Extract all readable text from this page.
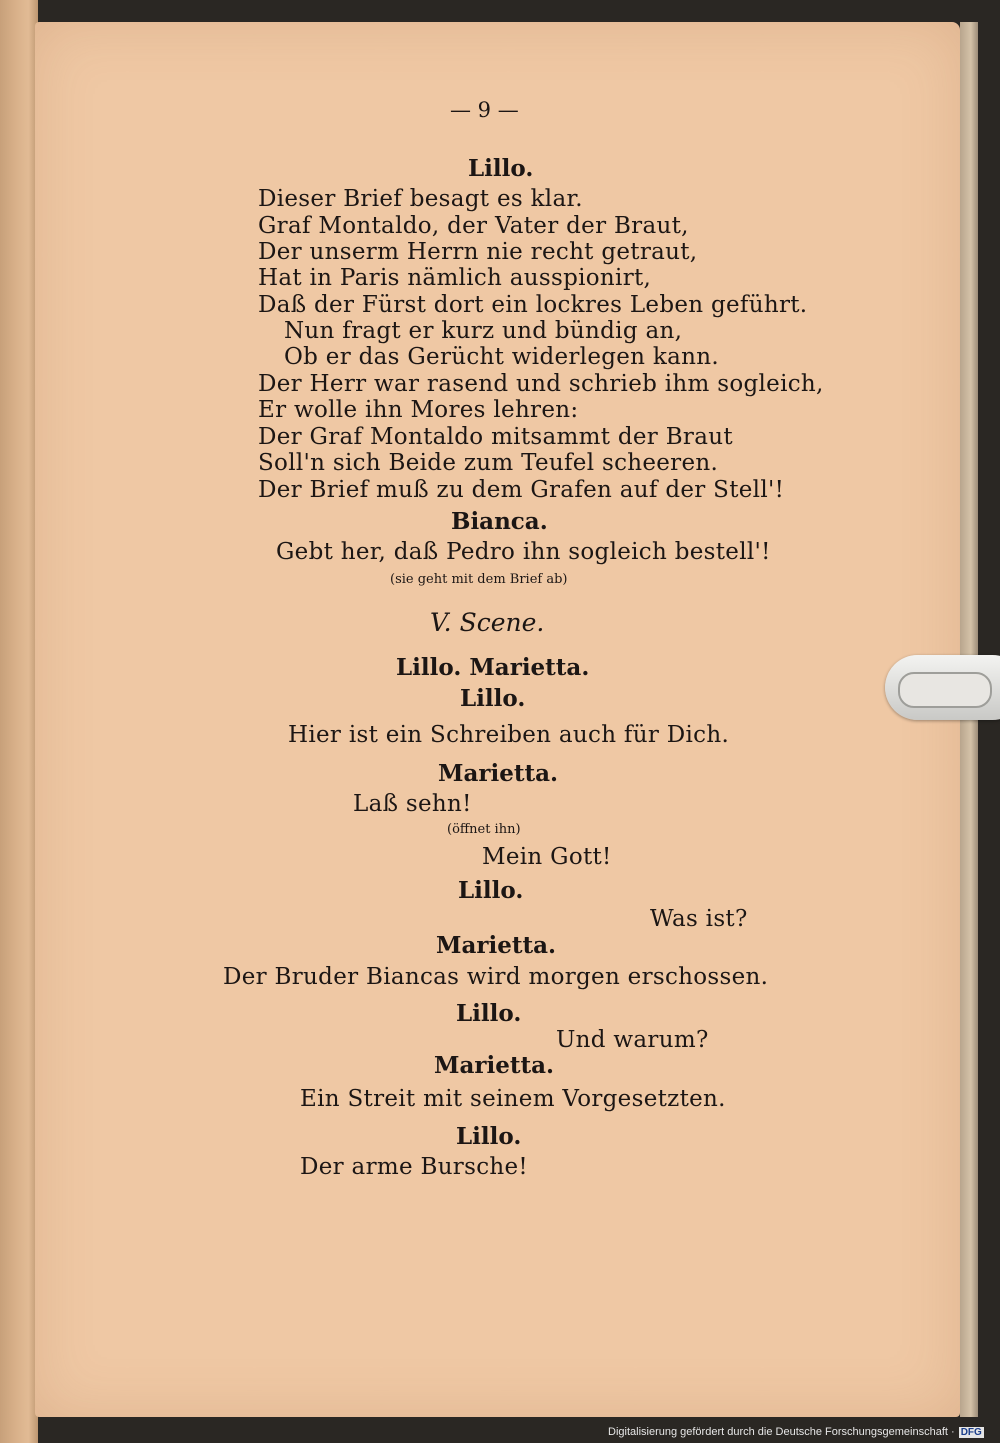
— 9 —
Lillo.
Dieser Brief besagt es klar.
Graf Montaldo, der Vater der Braut,
Der unserm Herrn nie recht getraut,
Hat in Paris nämlich ausspionirt,
Daß der Fürst dort ein lockres Leben geführt.
Nun fragt er kurz und bündig an,
Ob er das Gerücht widerlegen kann.
Der Herr war rasend und schrieb ihm sogleich,
Er wolle ihn Mores lehren:
Der Graf Montaldo mitsammt der Braut
Soll'n sich Beide zum Teufel scheeren.
Der Brief muß zu dem Grafen auf der Stell'!
Bianca.
Gebt her, daß Pedro ihn sogleich bestell'!
(sie geht mit dem Brief ab)
V. Scene.
Lillo. Marietta.
Lillo.
Hier ist ein Schreiben auch für Dich.
Marietta.
Laß sehn!
(öffnet ihn)
Mein Gott!
Lillo.
Was ist?
Marietta.
Der Bruder Biancas wird morgen erschossen.
Lillo.
Und warum?
Marietta.
Ein Streit mit seinem Vorgesetzten.
Lillo.
Der arme Bursche!
Digitalisierung gefördert durch die Deutsche Forschungsgemeinschaft · DFG
